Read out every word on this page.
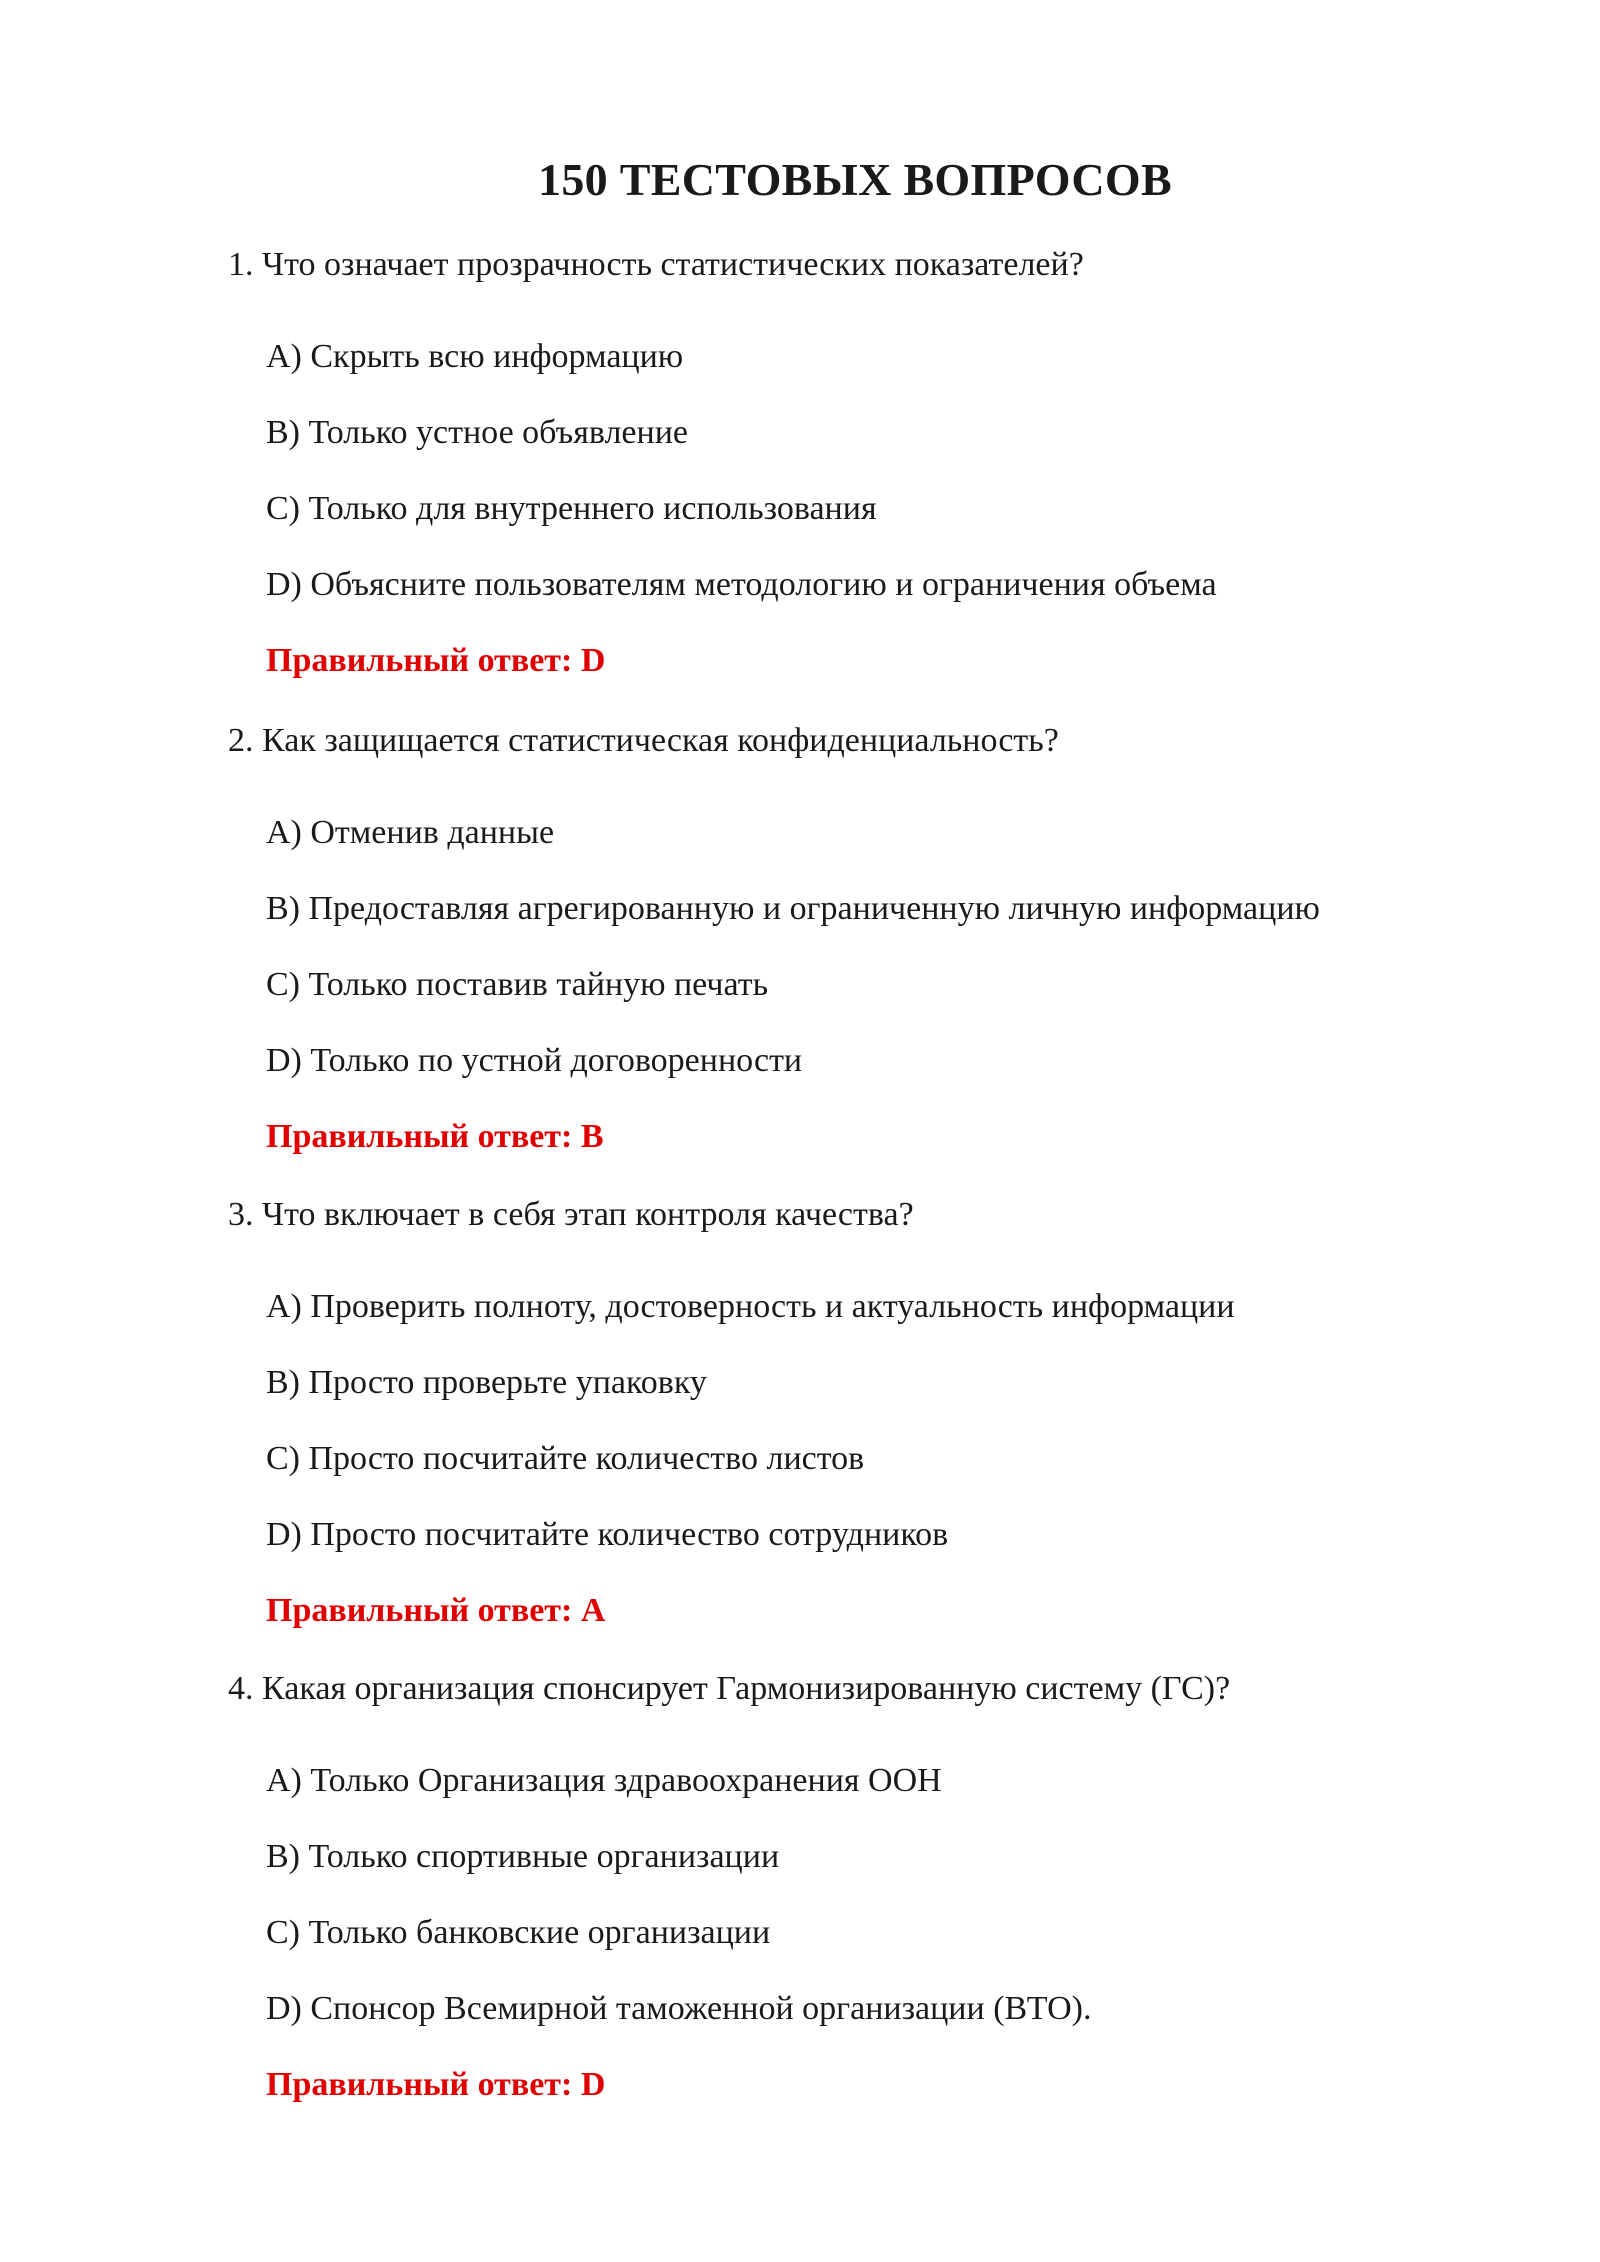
150 ТЕСТОВЫХ ВОПРОСОВ
1. Что означает прозрачность статистических показателей?
A) Скрыть всю информацию
B) Только устное объявление
C) Только для внутреннего использования
D) Объясните пользователям методологию и ограничения объема
Правильный ответ: D
2. Как защищается статистическая конфиденциальность?
A) Отменив данные
B) Предоставляя агрегированную и ограниченную личную информацию
C) Только поставив тайную печать
D) Только по устной договоренности
Правильный ответ: B
3. Что включает в себя этап контроля качества?
A) Проверить полноту, достоверность и актуальность информации
B) Просто проверьте упаковку
C) Просто посчитайте количество листов
D) Просто посчитайте количество сотрудников
Правильный ответ: A
4. Какая организация спонсирует Гармонизированную систему (ГС)?
A) Только Организация здравоохранения ООН
B) Только спортивные организации
C) Только банковские организации
D) Спонсор Всемирной таможенной организации (ВТО).
Правильный ответ: D
